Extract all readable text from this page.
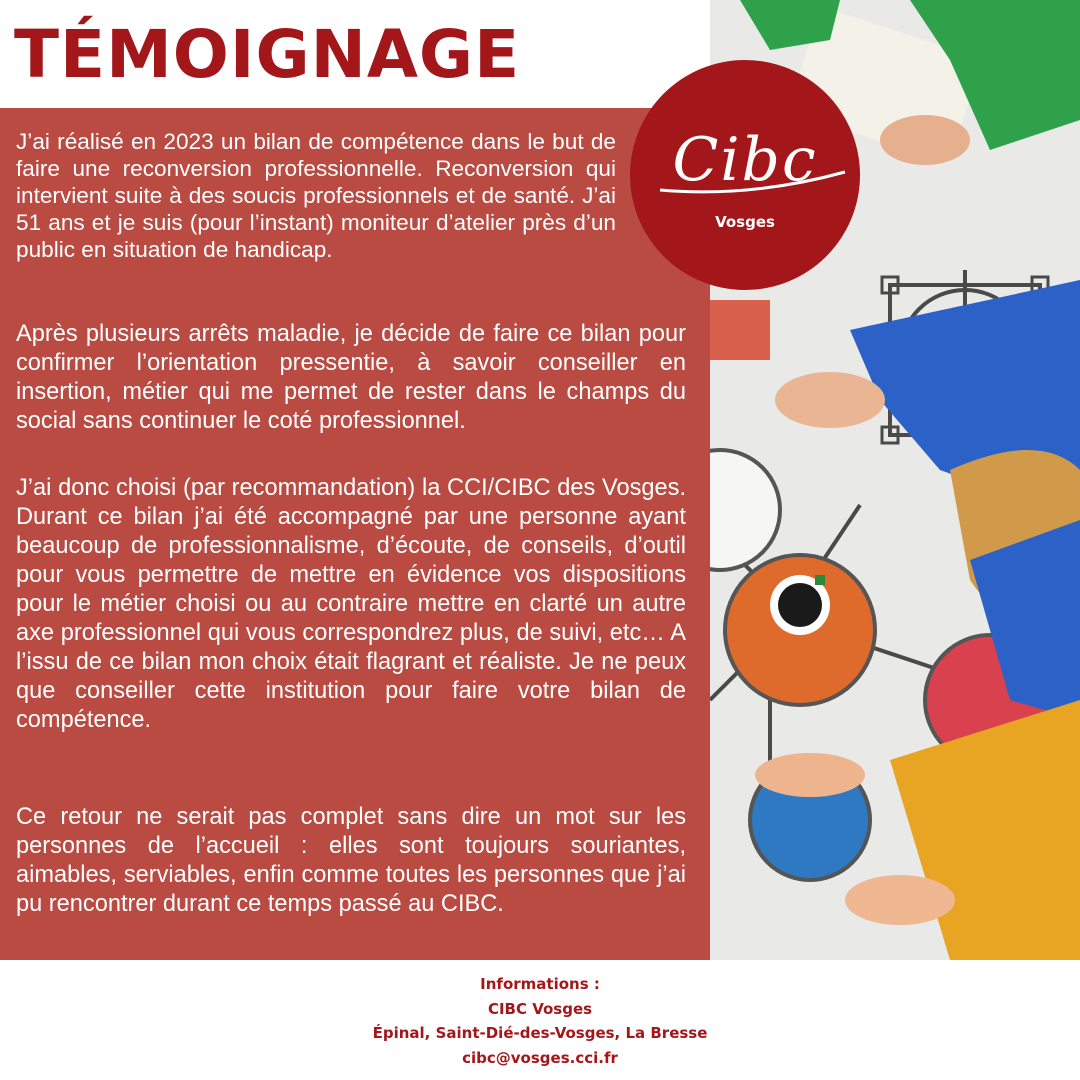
TÉMOIGNAGE

J’ai réalisé en 2023 un bilan de compétence dans le but de faire une reconversion professionnelle. Reconversion qui intervient suite à des soucis professionnels et de santé. J’ai 51 ans et je suis (pour l’instant) moniteur d’atelier près d’un public en situation de handicap.

Après plusieurs arrêts maladie, je décide de faire ce bilan pour confirmer l’orientation pressentie, à savoir conseiller en insertion, métier qui me permet de rester dans le champs du social sans continuer le coté professionnel.

J’ai donc choisi (par recommandation) la CCI/CIBC des Vosges. Durant ce bilan j’ai été accompagné par une personne ayant beaucoup de professionnalisme, d’écoute, de conseils, d’outil pour vous permettre de mettre en évidence vos dispositions pour le métier choisi ou au contraire mettre en clarté un autre axe professionnel qui vous correspondrez plus, de suivi, etc… A l’issu de ce bilan mon choix était flagrant et réaliste. Je ne peux que conseiller cette institution pour faire votre bilan de compétence.

Ce retour ne serait pas complet sans dire un mot sur les personnes de l’accueil : elles sont toujours souriantes, aimables, serviables, enfin comme toutes les personnes que j’ai pu rencontrer durant ce temps passé au CIBC.

Cibc
Vosges
Informations :
CIBC Vosges
Épinal, Saint-Dié-des-Vosges, La Bresse
cibc@vosges.cci.fr
